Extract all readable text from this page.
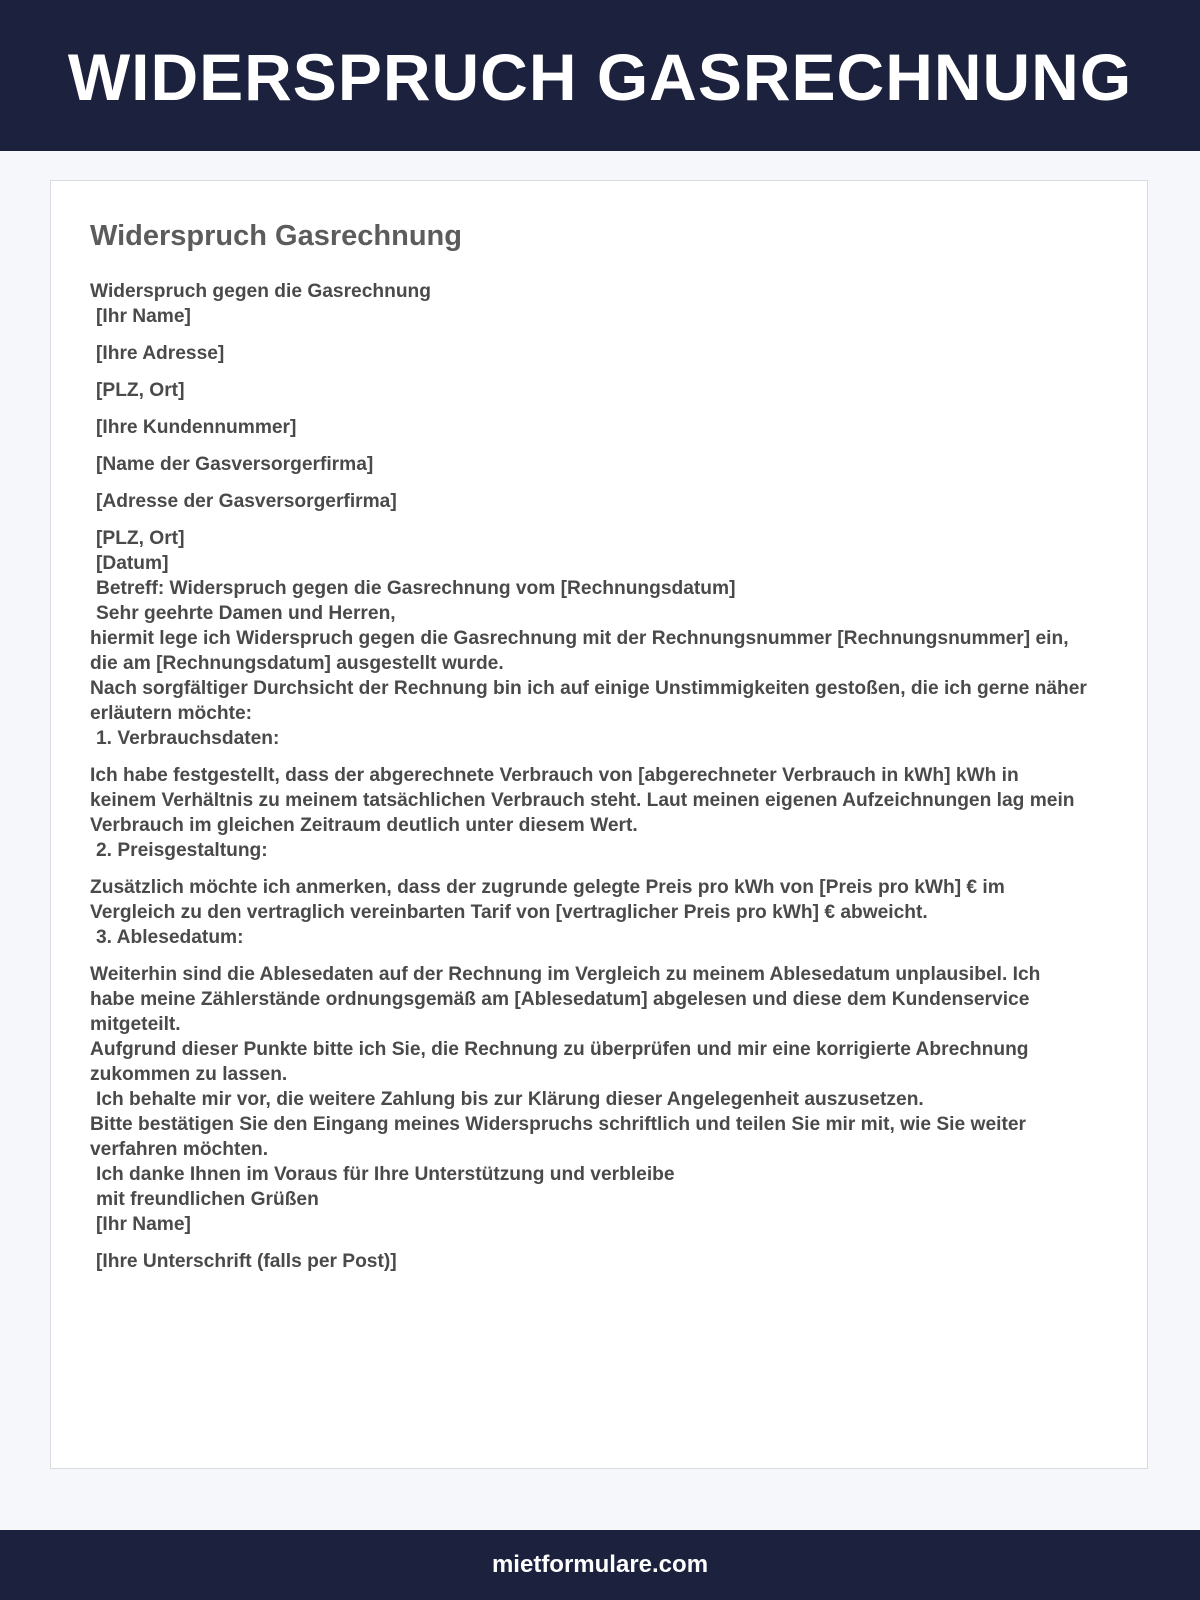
WIDERSPRUCH GASRECHNUNG
Widerspruch Gasrechnung
Widerspruch gegen die Gasrechnung
[Ihr Name]
[Ihre Adresse]
[PLZ, Ort]
[Ihre Kundennummer]
[Name der Gasversorgerfirma]
[Adresse der Gasversorgerfirma]
[PLZ, Ort]
[Datum]
Betreff: Widerspruch gegen die Gasrechnung vom [Rechnungsdatum]
Sehr geehrte Damen und Herren,
hiermit lege ich Widerspruch gegen die Gasrechnung mit der Rechnungsnummer [Rechnungsnummer] ein, die am [Rechnungsdatum] ausgestellt wurde.
Nach sorgfältiger Durchsicht der Rechnung bin ich auf einige Unstimmigkeiten gestoßen, die ich gerne näher erläutern möchte:
1. Verbrauchsdaten:
Ich habe festgestellt, dass der abgerechnete Verbrauch von [abgerechneter Verbrauch in kWh] kWh in keinem Verhältnis zu meinem tatsächlichen Verbrauch steht. Laut meinen eigenen Aufzeichnungen lag mein Verbrauch im gleichen Zeitraum deutlich unter diesem Wert.
2. Preisgestaltung:
Zusätzlich möchte ich anmerken, dass der zugrunde gelegte Preis pro kWh von [Preis pro kWh] € im Vergleich zu den vertraglich vereinbarten Tarif von [vertraglicher Preis pro kWh] € abweicht.
3. Ablesedatum:
Weiterhin sind die Ablesedaten auf der Rechnung im Vergleich zu meinem Ablesedatum unplausibel. Ich habe meine Zählerstände ordnungsgemäß am [Ablesedatum] abgelesen und diese dem Kundenservice mitgeteilt.
Aufgrund dieser Punkte bitte ich Sie, die Rechnung zu überprüfen und mir eine korrigierte Abrechnung zukommen zu lassen.
Ich behalte mir vor, die weitere Zahlung bis zur Klärung dieser Angelegenheit auszusetzen.
Bitte bestätigen Sie den Eingang meines Widerspruchs schriftlich und teilen Sie mir mit, wie Sie weiter verfahren möchten.
Ich danke Ihnen im Voraus für Ihre Unterstützung und verbleibe
mit freundlichen Grüßen
[Ihr Name]
[Ihre Unterschrift (falls per Post)]
mietformulare.com
